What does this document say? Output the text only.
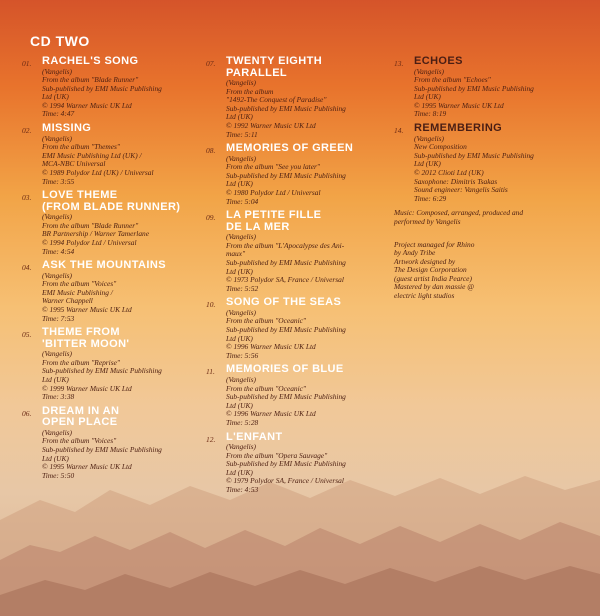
CD TWO
01. RACHEL'S SONG
(Vangelis)
From the album "Blade Runner"
Sub-published by EMI Music Publishing
Ltd (UK)
© 1994 Warner Music UK Ltd
Time: 4:47
02. MISSING
(Vangelis)
From the album "Themes"
EMI Music Publishing Ltd (UK) /
MCA-NBC Universal
© 1989 Polydor Ltd (UK) / Universal
Time: 3:55
03. LOVE THEME
(FROM BLADE RUNNER)
(Vangelis)
From the album "Blade Runner"
BR Partnership / Warner Tamerlane
© 1994 Polydor Ltd / Universal
Time: 4:54
04. ASK THE MOUNTAINS
(Vangelis)
From the album "Voices"
EMI Music Publishing /
Warner Chappell
© 1995 Warner Music UK Ltd
Time: 7:53
05. THEME FROM
'BITTER MOON'
(Vangelis)
From the album "Reprise"
Sub-published by EMI Music Publishing
Ltd (UK)
© 1999 Warner Music UK Ltd
Time: 3:38
06. DREAM IN AN
OPEN PLACE
(Vangelis)
From the album "Voices"
Sub-published by EMI Music Publishing
Ltd (UK)
© 1995 Warner Music UK Ltd
Time: 5:50
07. TWENTY EIGHTH
PARALLEL
(Vangelis)
From the album
"1492-The Conquest of Paradise"
Sub-published by EMI Music Publishing
Ltd (UK)
© 1992 Warner Music UK Ltd
Time: 5:11
08. MEMORIES OF GREEN
(Vangelis)
From the album "See you later"
Sub-published by EMI Music Publishing
Ltd (UK)
© 1980 Polydor Ltd / Universal
Time: 5:04
09. LA PETITE FILLE
DE LA MER
(Vangelis)
From the album "L'Apocalypse des Ani-
maux"
Sub-published by EMI Music Publishing
Ltd (UK)
© 1973 Polydor SA, France / Universal
Time: 5:52
10. SONG OF THE SEAS
(Vangelis)
From the album "Oceanic"
Sub-published by EMI Music Publishing
Ltd (UK)
© 1996 Warner Music UK Ltd
Time: 5:56
11.	MEMORIES OF BLUE
(Vangelis)
From the album "Oceanic"
Sub-published by EMI Music Publishing
Ltd (UK)
© 1996 Warner Music UK Ltd
Time: 5:28
12. L'ENFANT
(Vangelis)
From the album "Opera Sauvage"
Sub-published by EMI Music Publishing
Ltd (UK)
© 1979 Polydor SA, France / Universal
Time: 4:53
13. ECHOES
(Vangelis)
From the album "Echoes"
Sub-published by EMI Music Publishing
Ltd (UK)
© 1995 Warner Music UK Ltd
Time: 8:19
14. REMEMBERING
(Vangelis)
New Composition
Sub-published by EMI Music Publishing
Ltd (UK)
© 2012 Clioti Ltd (UK)
Saxophone: Dimitris Tsakas
Sound engineer: Vangelis Saitis
Time: 6:29
Music: Composed, arranged, produced and
performed by Vangelis
Project managed for Rhino
by Andy Tribe
Artwork designed by
The Design Corporation
(guest artist India Pearce)
Mastered by dan massie @
electric light studios
